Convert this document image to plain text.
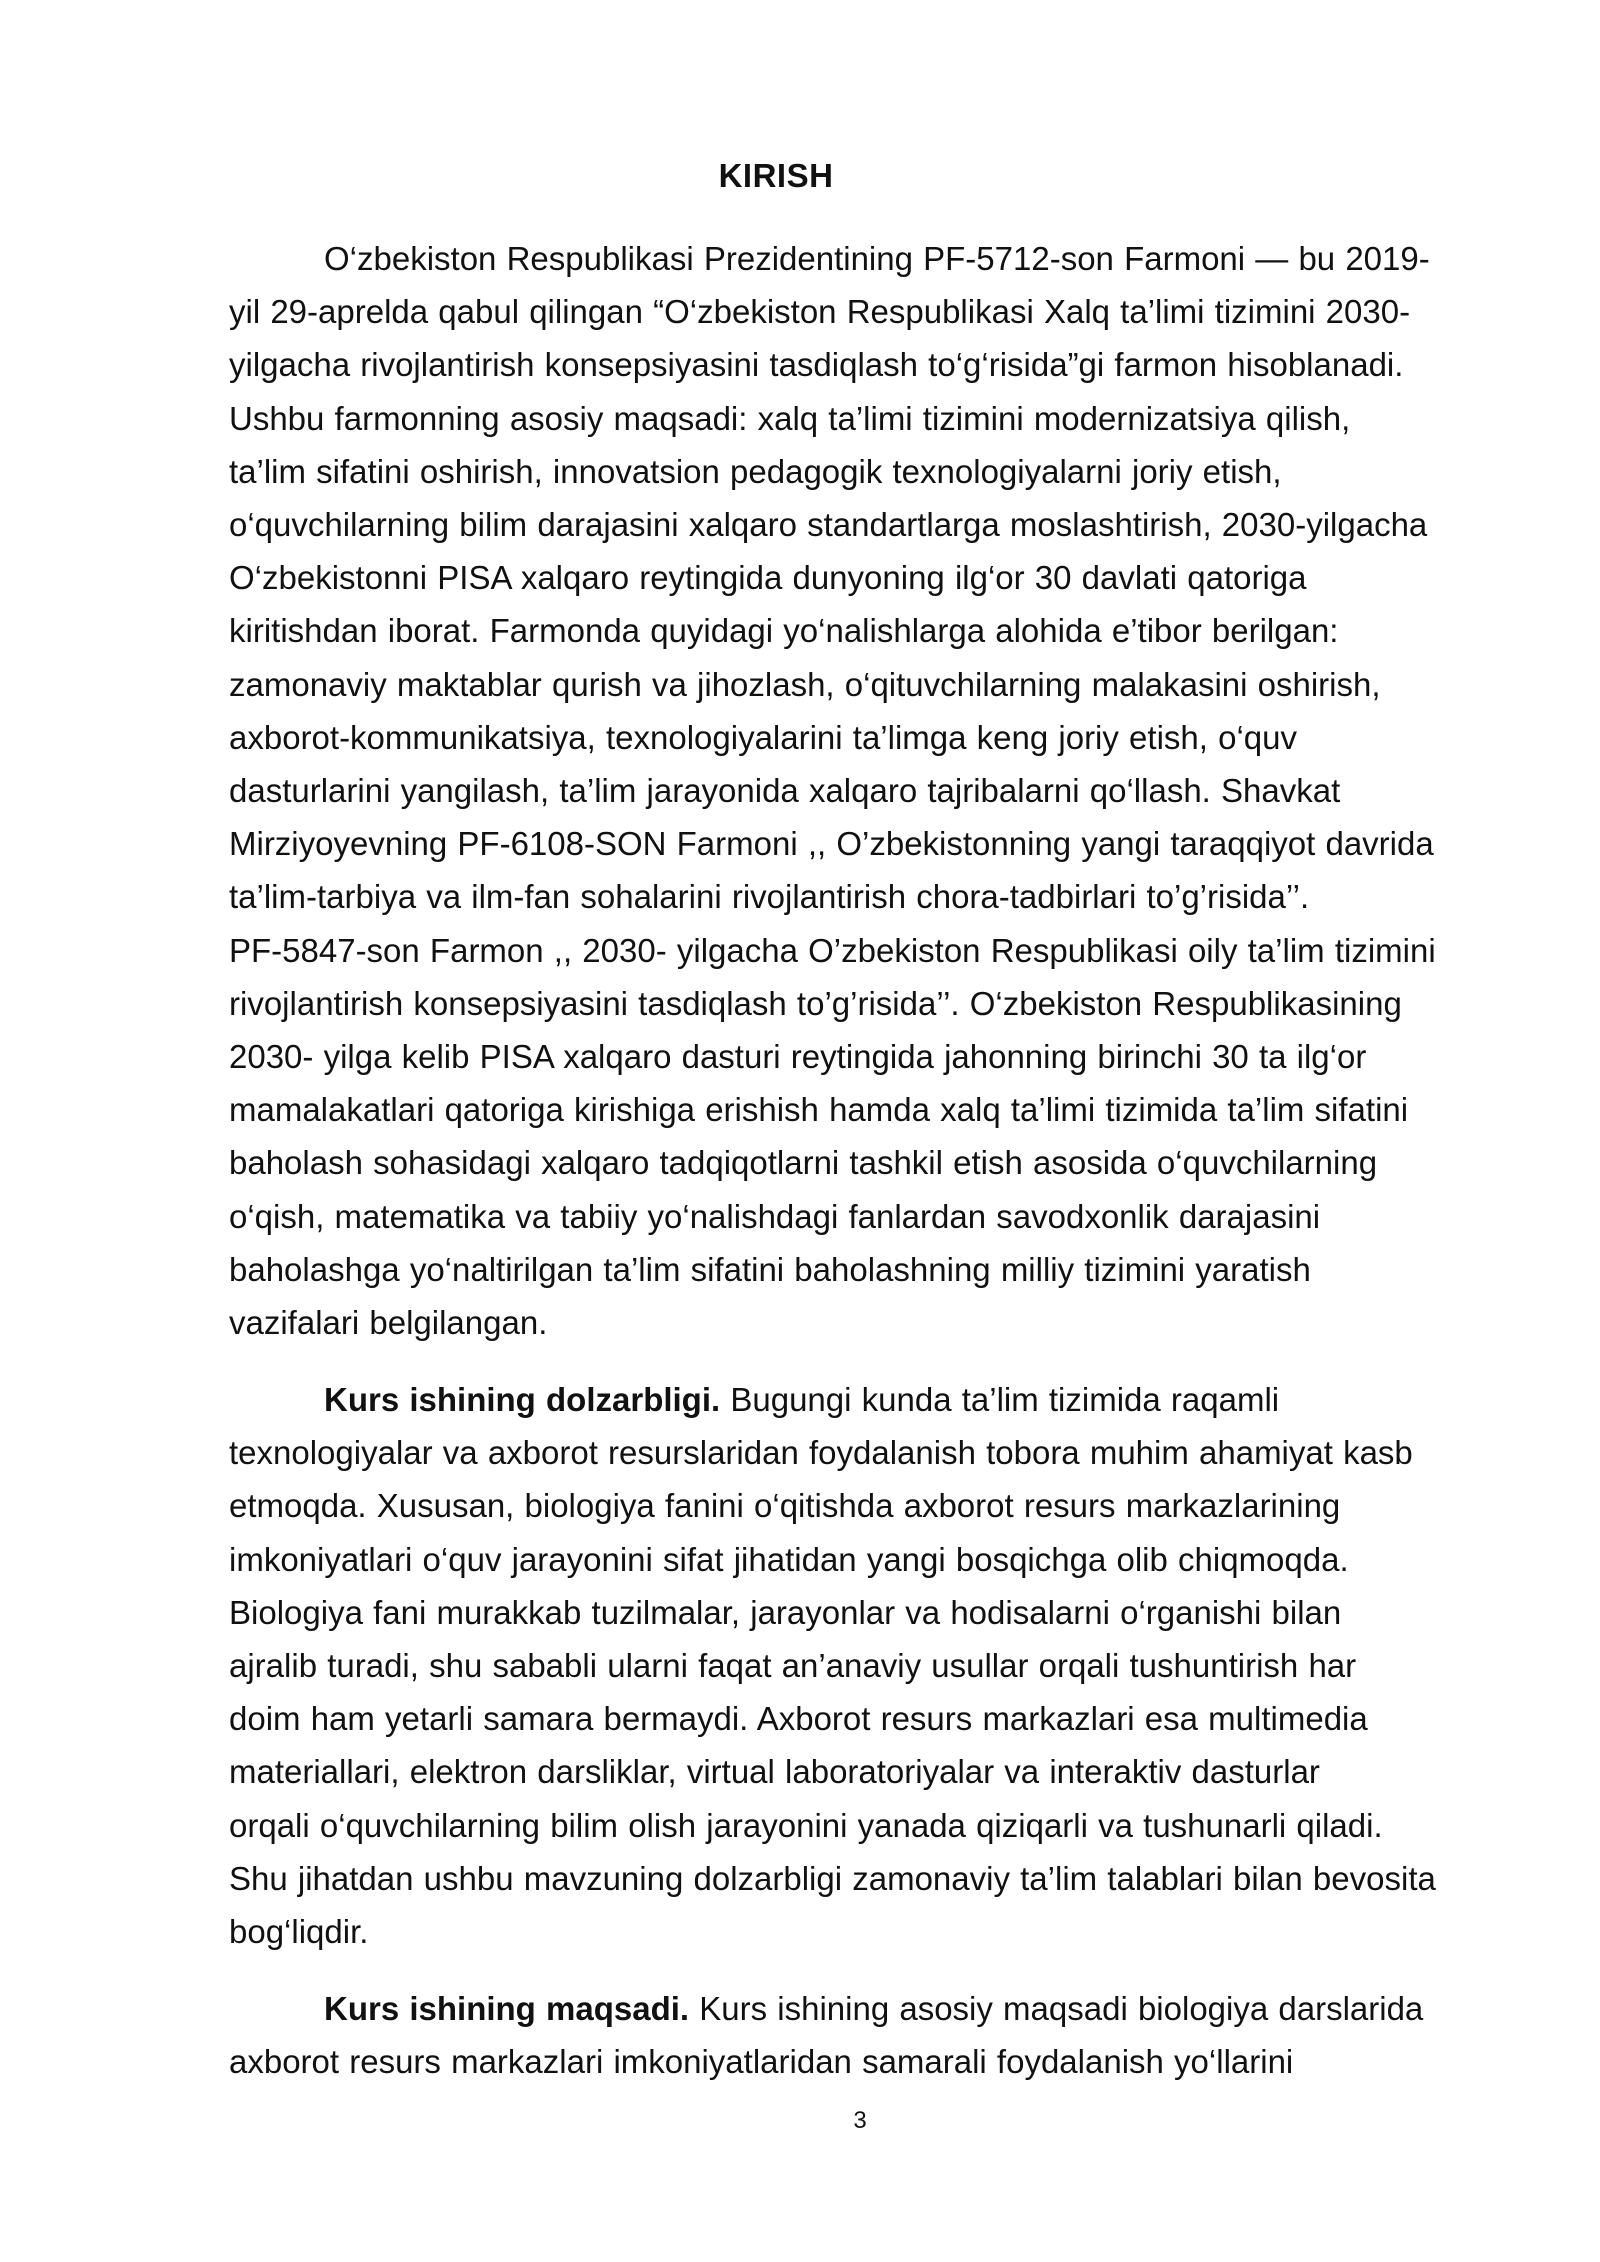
KIRISH
O‘zbekiston Respublikasi Prezidentining PF-5712-son Farmoni — bu 2019-
yil 29-aprelda qabul qilingan “O‘zbekiston Respublikasi Xalq ta’limi tizimini 2030-
yilgacha rivojlantirish konsepsiyasini tasdiqlash to‘g‘risida”gi farmon hisoblanadi.
Ushbu farmonning asosiy maqsadi: xalq ta’limi tizimini modernizatsiya qilish,
ta’lim sifatini oshirish, innovatsion pedagogik texnologiyalarni joriy etish,
o‘quvchilarning bilim darajasini xalqaro standartlarga moslashtirish, 2030-yilgacha
O‘zbekistonni PISA xalqaro reytingida dunyoning ilg‘or 30 davlati qatoriga
kiritishdan iborat. Farmonda quyidagi yo‘nalishlarga alohida e’tibor berilgan:
zamonaviy maktablar qurish va jihozlash, o‘qituvchilarning malakasini oshirish,
axborot-kommunikatsiya, texnologiyalarini ta’limga keng joriy etish, o‘quv
dasturlarini yangilash, ta’lim jarayonida xalqaro tajribalarni qo‘llash. Shavkat
Mirziyoyevning PF-6108-SON Farmoni ,, O’zbekistonning yangi taraqqiyot davrida
ta’lim-tarbiya va ilm-fan sohalarini rivojlantirish chora-tadbirlari to’g’risida’’.
PF-5847-son Farmon ,, 2030- yilgacha O’zbekiston Respublikasi oily ta’lim tizimini
rivojlantirish konsepsiyasini tasdiqlash to’g’risida’’. O‘zbekiston Respublikasining
2030- yilga kelib PISA xalqaro dasturi reytingida jahonning birinchi 30 ta ilg‘or
mamalakatlari qatoriga kirishiga erishish hamda xalq ta’limi tizimida ta’lim sifatini
baholash sohasidagi xalqaro tadqiqotlarni tashkil etish asosida o‘quvchilarning
o‘qish, matematika va tabiiy yo‘nalishdagi fanlardan savodxonlik darajasini
baholashga yo‘naltirilgan ta’lim sifatini baholashning milliy tizimini yaratish
vazifalari belgilangan.
Kurs ishining dolzarbligi. Bugungi kunda ta’lim tizimida raqamli
texnologiyalar va axborot resurslaridan foydalanish tobora muhim ahamiyat kasb
etmoqda. Xususan, biologiya fanini o‘qitishda axborot resurs markazlarining
imkoniyatlari o‘quv jarayonini sifat jihatidan yangi bosqichga olib chiqmoqda.
Biologiya fani murakkab tuzilmalar, jarayonlar va hodisalarni o‘rganishi bilan
ajralib turadi, shu sababli ularni faqat an’anaviy usullar orqali tushuntirish har
doim ham yetarli samara bermaydi. Axborot resurs markazlari esa multimedia
materiallari, elektron darsliklar, virtual laboratoriyalar va interaktiv dasturlar
orqali o‘quvchilarning bilim olish jarayonini yanada qiziqarli va tushunarli qiladi.
Shu jihatdan ushbu mavzuning dolzarbligi zamonaviy ta’lim talablari bilan bevosita
bog‘liqdir.
Kurs ishining maqsadi. Kurs ishining asosiy maqsadi biologiya darslarida
axborot resurs markazlari imkoniyatlaridan samarali foydalanish yo‘llarini
3
